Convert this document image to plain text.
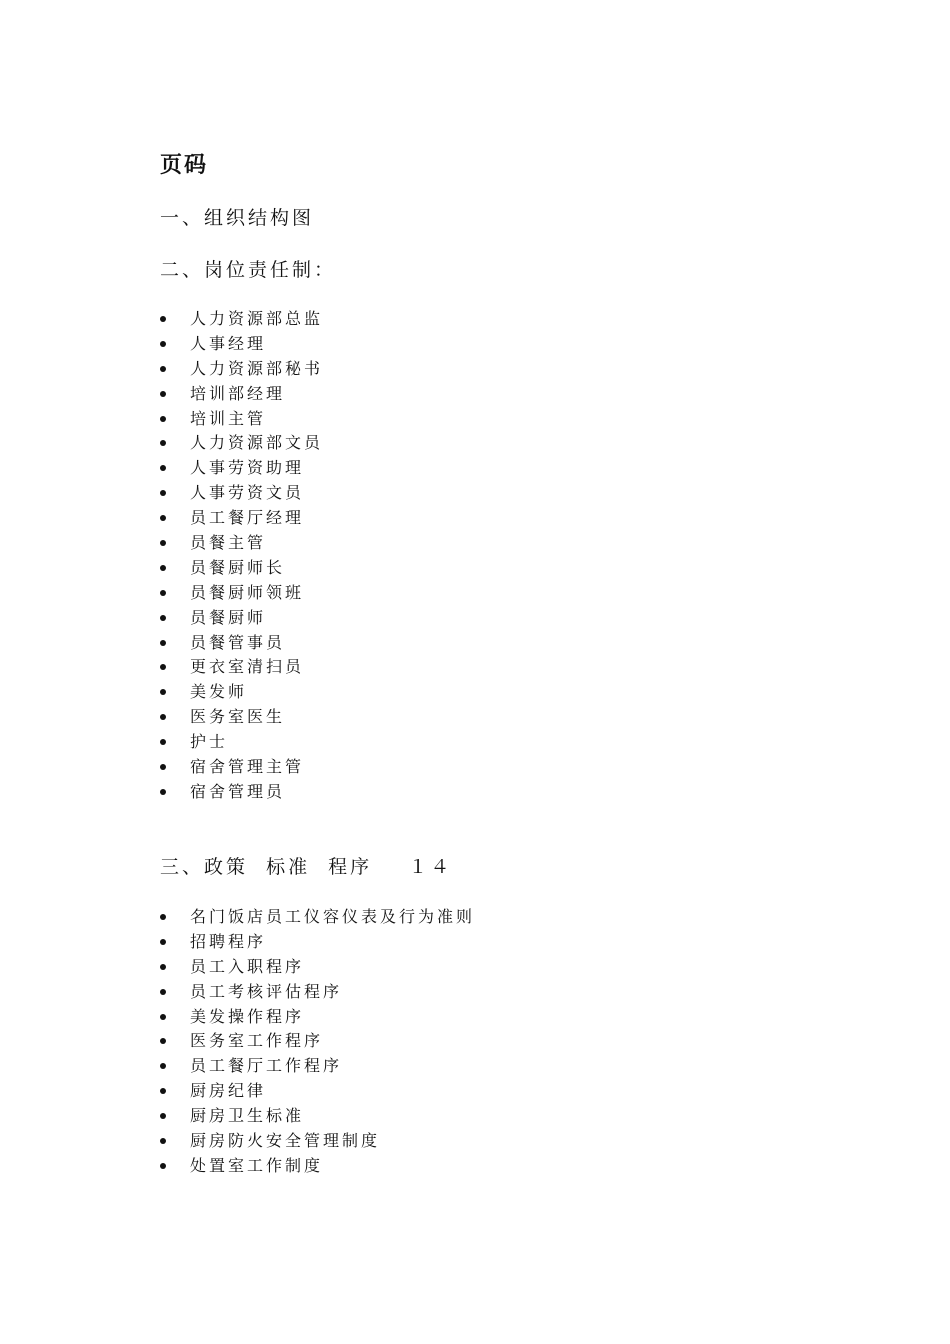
页码
一、组织结构图
二、岗位责任制：
人力资源部总监
人事经理
人力资源部秘书
培训部经理
培训主管
人力资源部文员
人事劳资助理
人事劳资文员
员工餐厅经理
员餐主管
员餐厨师长
员餐厨师领班
员餐厨师
员餐管事员
更衣室清扫员
美发师
医务室医生
护士
宿舍管理主管
宿舍管理员
三、政策  标准  程序    １４
名门饭店员工仪容仪表及行为准则
招聘程序
员工入职程序
员工考核评估程序
美发操作程序
医务室工作程序
员工餐厅工作程序
厨房纪律
厨房卫生标准
厨房防火安全管理制度
处置室工作制度
